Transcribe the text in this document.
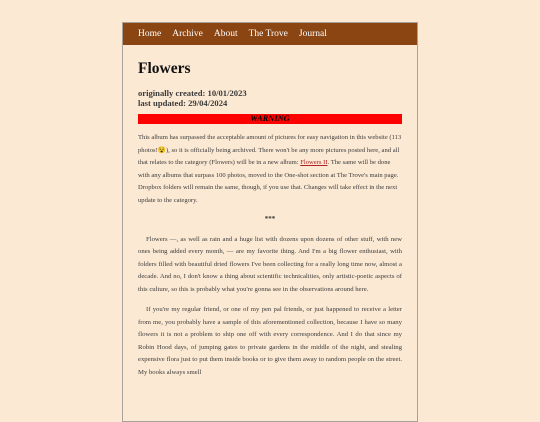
Home Archive About The Trove Journal
Flowers
originally created: 10/01/2023
last updated: 29/04/2024
WARNING

This album has surpassed the acceptable amount of pictures for easy navigation in this website (113 photos!😵), so it is officially being archived. There won't be any more pictures posted here, and all that relates to the category (Flowers) will be in a new album: Flowers II. The same will be done with any albums that surpass 100 photos, moved to the One-shot section at The Trove's main page. Dropbox folders will remain the same, though, if you use that. Changes will take effect in the next update to the category.

***

Flowers —, as well as rain and a huge list with dozens upon dozens of other stuff, with new ones being added every month, — are my favorite thing. And I'm a big flower enthusiast, with folders filled with beautiful dried flowers I've been collecting for a really long time now, almost a decade. And no, I don't know a thing about scientific technicalities, only artistic-poetic aspects of this culture, so this is probably what you're gonna see in the observations around here.

If you're my regular friend, or one of my pen pal friends, or just happened to receive a letter from me, you probably have a sample of this aforementioned collection, because I have so many flowers it is not a problem to ship one off with every correspondence. And I do that since my Robin Hood days, of jumping gates to private gardens in the middle of the night, and stealing expensive flora just to put them inside books or to give them away to random people on the street. My books always smell
